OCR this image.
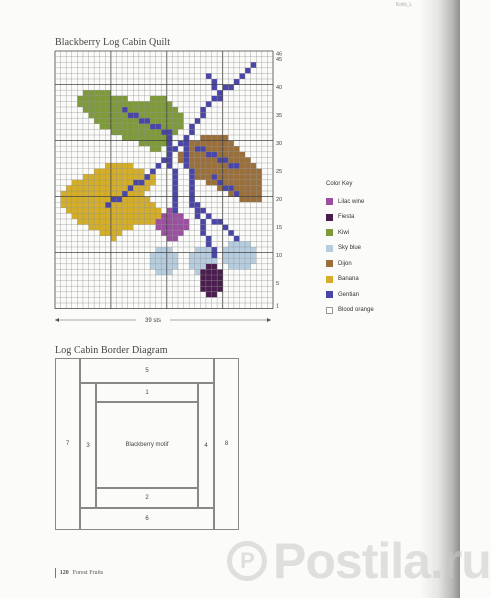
Kniiii_L
Blackberry Log Cabin Quilt
1
5
10
15
20
25
30
35
40
45
46
39 sts
Color Key
Lilac wine
Fiesta
Kiwi
Sky blue
Dijon
Banana
Gentian
Blood orange
Log Cabin Border Diagram
7	8
5
6
3	4
1
2
Blackberry motif
120 Forest Fruits	P Postila.ru
